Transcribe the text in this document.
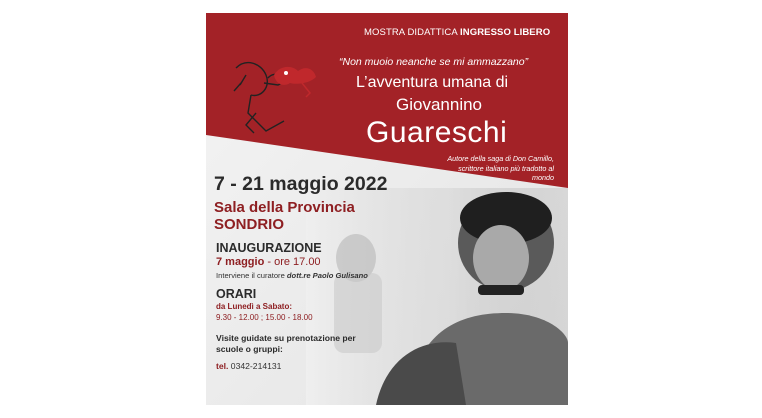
MOSTRA DIDATTICA INGRESSO LIBERO
“Non muoio neanche se mi ammazzano”
L’avventura umana di
Giovannino
Guareschi
Autore della saga di Don Camillo, scrittore italiano più tradotto al mondo
7 - 21 maggio 2022
Sala della Provincia
SONDRIO
INAUGURAZIONE
7 maggio - ore 17.00
Interviene il curatore dott.re Paolo Gulisano
ORARI
da Lunedì a Sabato:
9.30 - 12.00 ; 15.00 - 18.00
Visite guidate su prenotazione per scuole o gruppi:
tel. 0342-214131
